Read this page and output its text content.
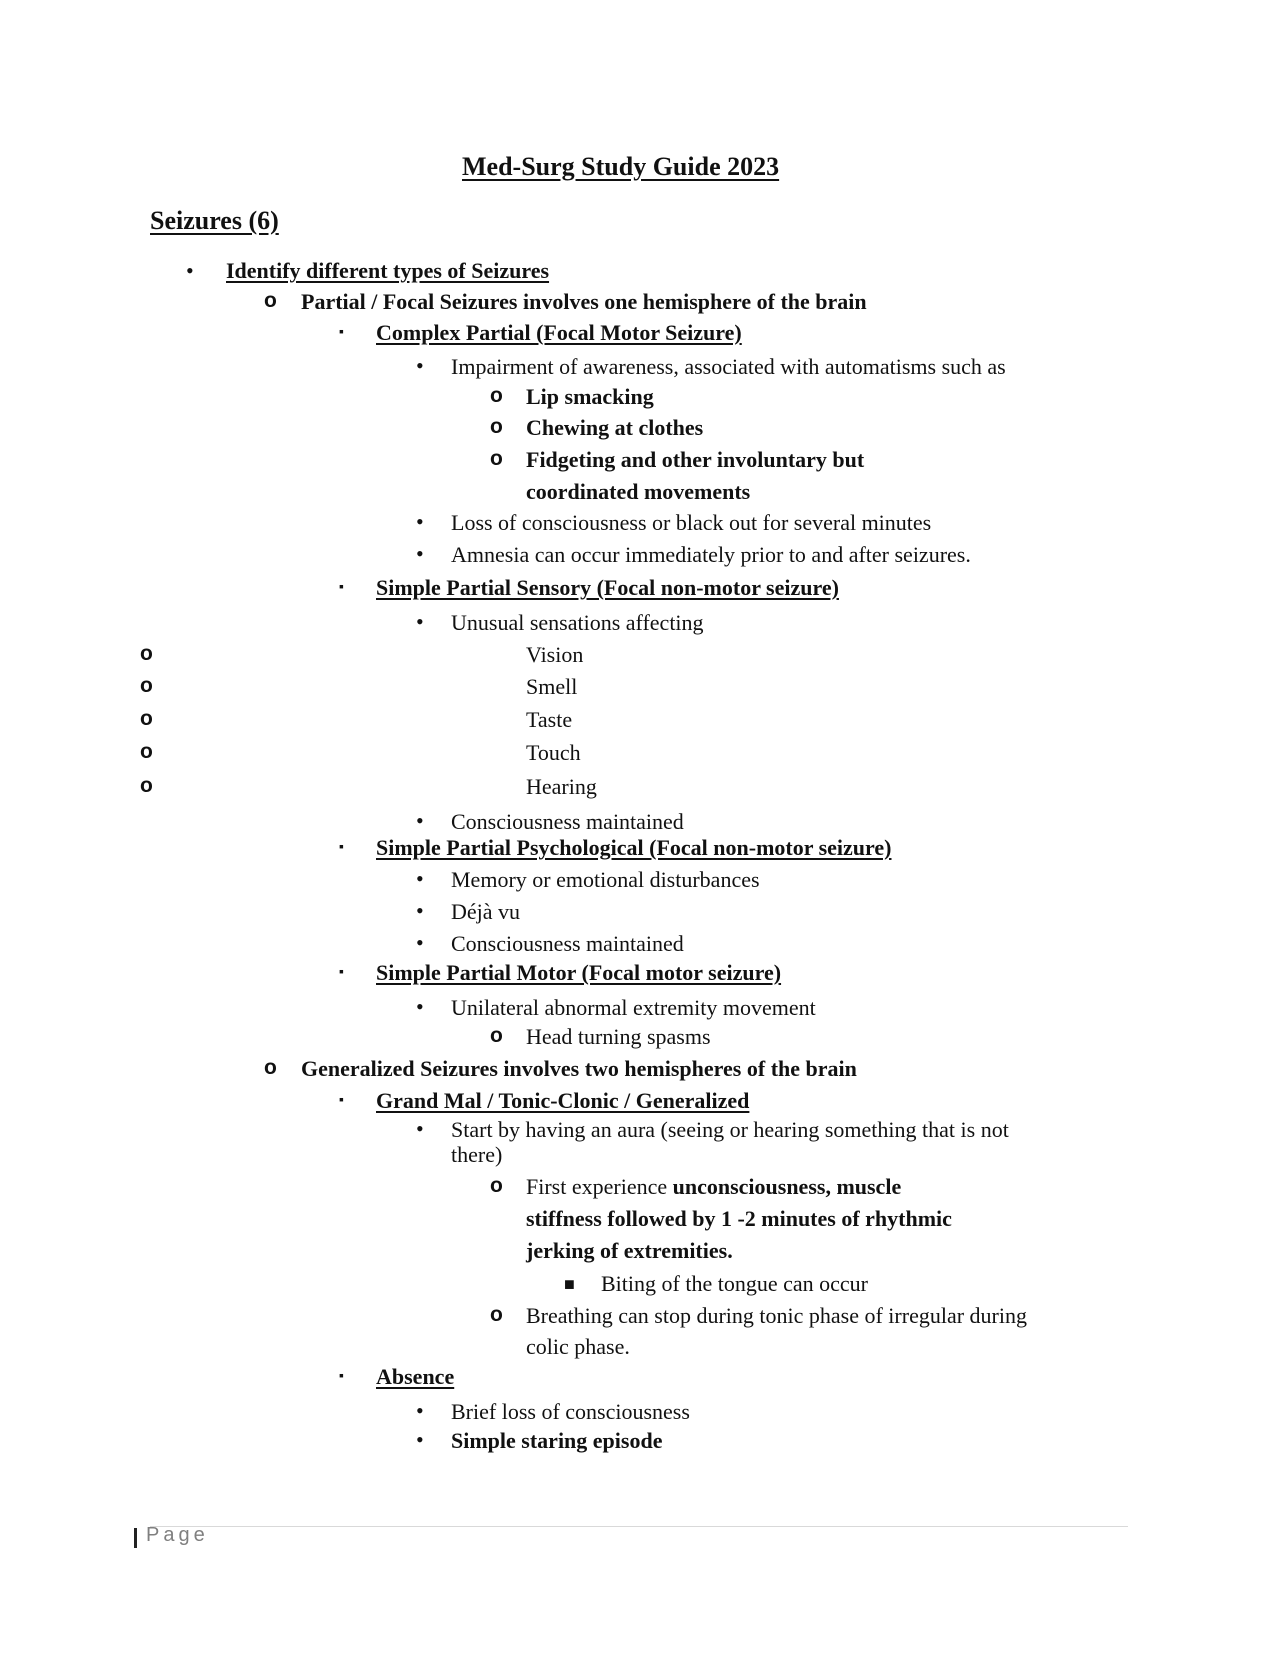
Med-Surg Study Guide 2023
Seizures (6)
• Identify different types of Seizures
o Partial / Focal Seizures involves one hemisphere of the brain
▪ Complex Partial (Focal Motor Seizure)
• Impairment of awareness, associated with automatisms such as
o Lip smacking
o Chewing at clothes
o Fidgeting and other involuntary but
coordinated movements
• Loss of consciousness or black out for several minutes
• Amnesia can occur immediately prior to and after seizures.
▪ Simple Partial Sensory (Focal non-motor seizure)
• Unusual sensations affecting
o	Vision
o	Smell
o	Taste
o	Touch
o	Hearing
• Consciousness maintained
▪ Simple Partial Psychological (Focal non-motor seizure)
• Memory or emotional disturbances
• Déjà vu
• Consciousness maintained
▪ Simple Partial Motor (Focal motor seizure)
• Unilateral abnormal extremity movement
o Head turning spasms
o Generalized Seizures involves two hemispheres of the brain
▪ Grand Mal / Tonic-Clonic / Generalized
• Start by having an aura (seeing or hearing something that is not
there)
o First experience unconsciousness, muscle
stiffness followed by 1 -2 minutes of rhythmic
jerking of extremities.
■ Biting of the tongue can occur
o Breathing can stop during tonic phase of irregular during
colic phase.
▪ Absence
• Brief loss of consciousness
• Simple staring episode
Page
